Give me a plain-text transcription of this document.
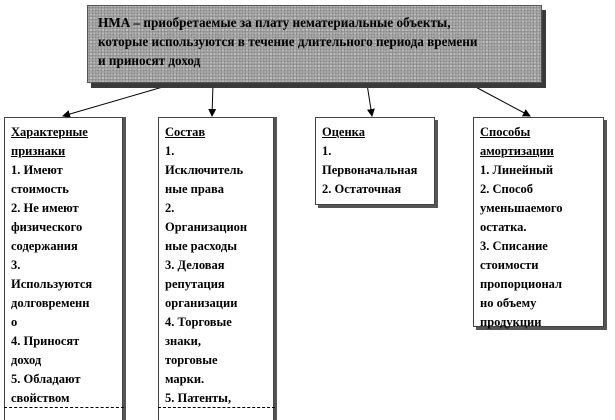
НМА – приобретаемые за плату нематериальные объекты,
которые используются в течение длительного периода времени
и приносят доход
Характерные
признаки
1. Имеют
стоимость
2. Не имеют
физического
содержания
3.
Используются
долговременн
о
4. Приносят
доход
5. Обладают
свойством
Состав
1.
Исключитель
ные права
2.
Организацион
ные расходы
3. Деловая
репутация
организации
4. Торговые
знаки,
торговые
марки.
5. Патенты,
Оценка
1.
Первоначальная
2. Остаточная
Способы
амортизации
1. Линейный
2. Способ
уменьшаемого
остатка.
3. Списание
стоимости
пропорционал
но объему
продукции
